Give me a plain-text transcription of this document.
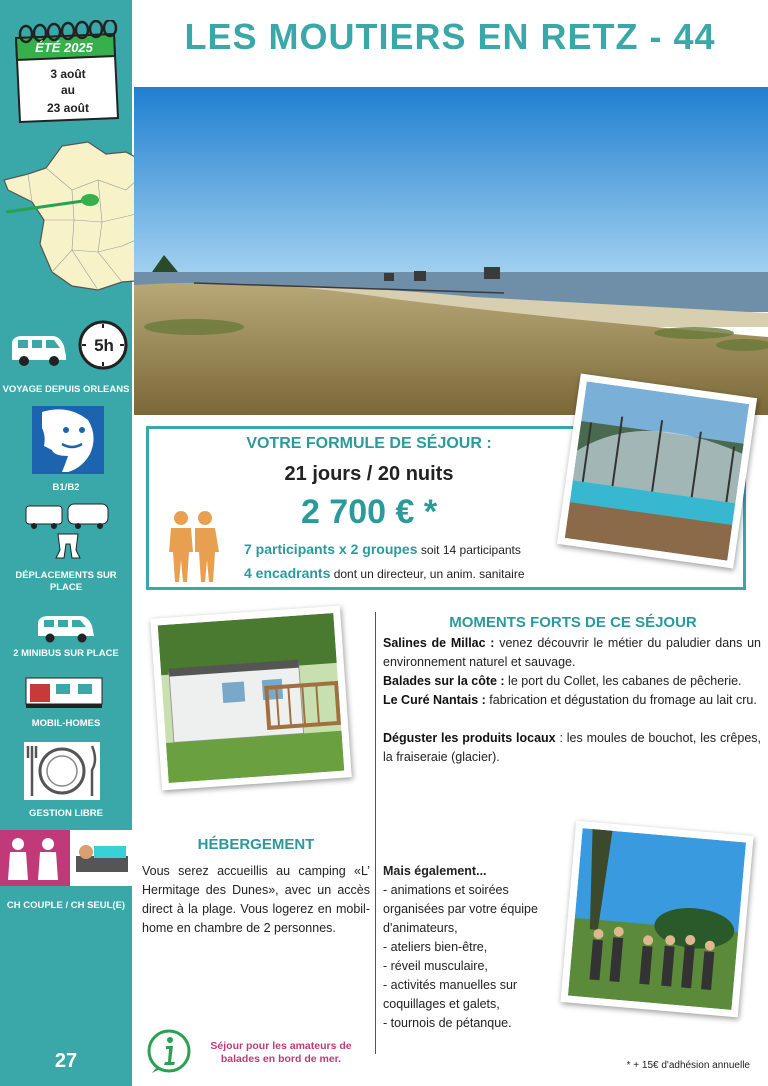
ÉTÉ 2025
3 août
au
23 août
5h
VOYAGE DEPUIS ORLEANS
B1/B2
DÉPLACEMENTS SUR PLACE
2 MINIBUS SUR PLACE
MOBIL-HOMES
GESTION LIBRE
CH COUPLE / CH SEUL(E)
27
LES MOUTIERS EN RETZ - 44
VOTRE FORMULE DE SÉJOUR :
21 jours / 20 nuits
2 700 € *
7 participants x 2 groupes soit 14 participants
4 encadrants dont un directeur, un anim. sanitaire
HÉBERGEMENT
Vous serez accueillis au camping «L’ Hermitage des Dunes», avec un accès direct à la plage. Vous logerez en mobil-home en chambre de 2 personnes.
MOMENTS FORTS DE CE SÉJOUR

Salines de Millac : venez découvrir le métier du paludier dans un environnement naturel et sauvage.

Balades sur la côte : le port du Collet, les cabanes de pêcherie.

Le Curé Nantais : fabrication et dégustation du fromage au lait cru.

Déguster les produits locaux : les moules de bouchot, les crêpes, la fraiseraie (glacier).

Mais également...
- animations et soirées
organisées par votre équipe
d'animateurs,
- ateliers bien-être,
- réveil musculaire,
- activités manuelles sur
coquillages et galets,
- tournois de pétanque.
Séjour pour les amateurs de
balades en bord de mer.
* + 15€ d'adhésion annuelle
